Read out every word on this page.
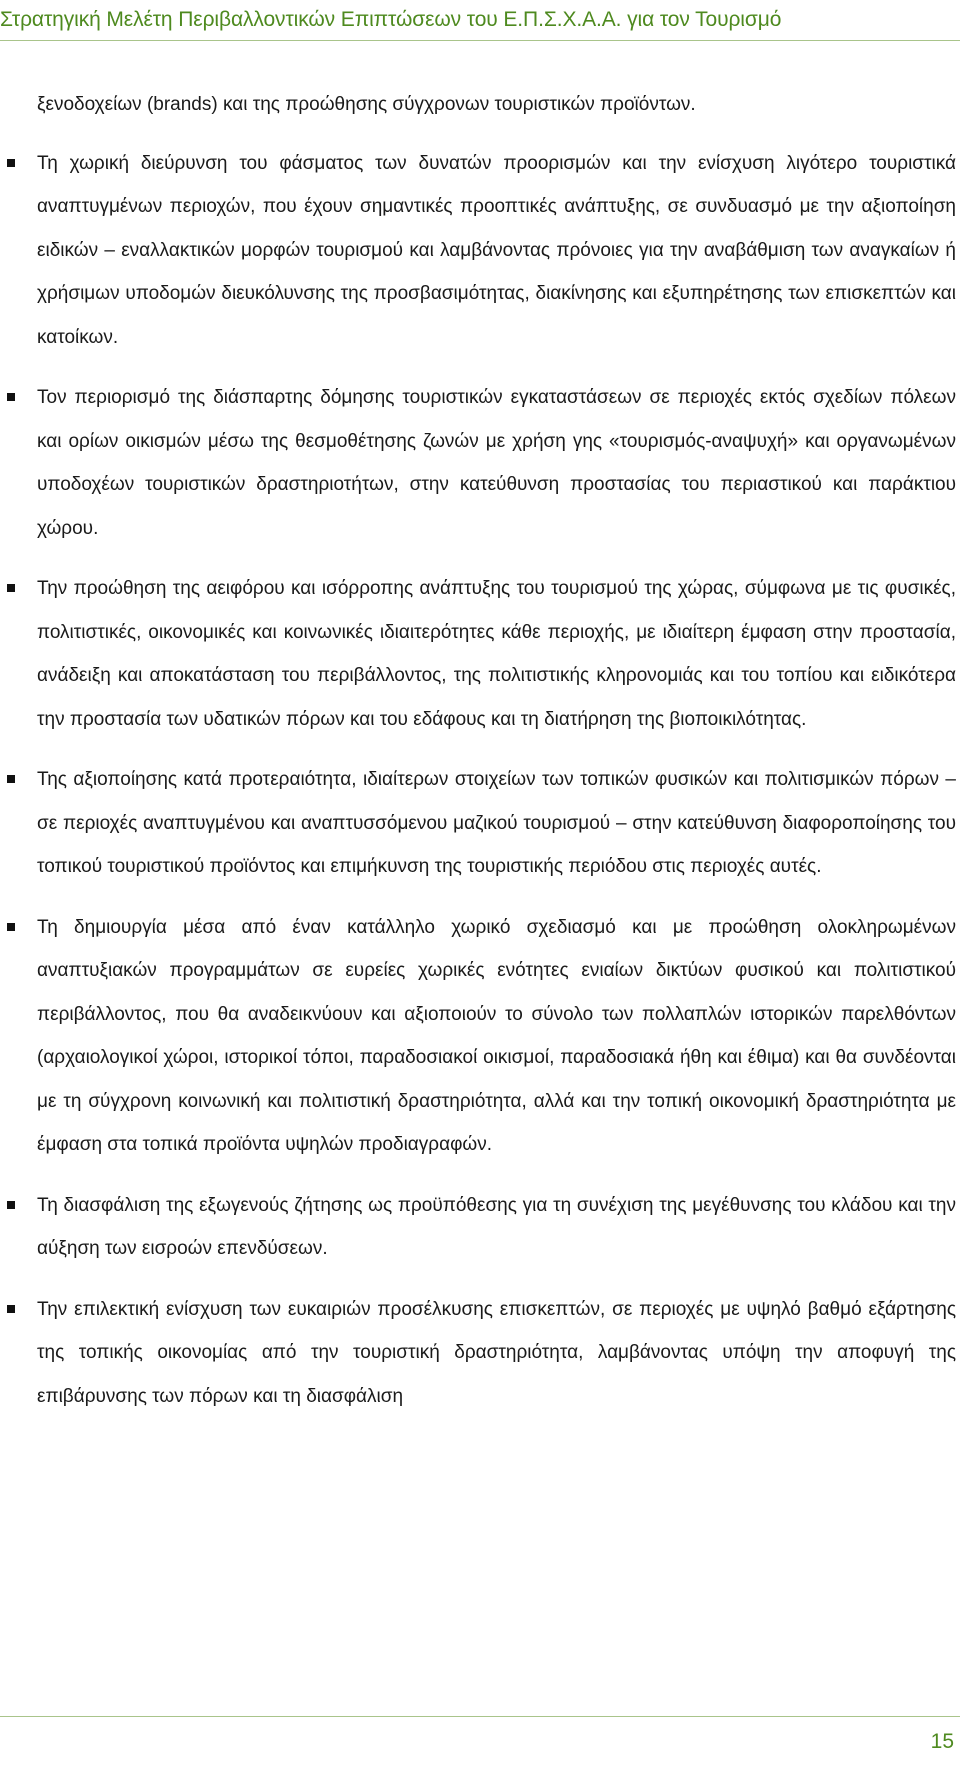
Στρατηγική Μελέτη Περιβαλλοντικών Επιπτώσεων του Ε.Π.Σ.Χ.Α.Α. για τον Τουρισμό

ξενοδοχείων (brands) και της προώθησης σύγχρονων τουριστικών προϊόντων.

Τη χωρική διεύρυνση του φάσματος των δυνατών προορισμών και την ενίσχυση λιγότερο τουριστικά αναπτυγμένων περιοχών, που έχουν σημαντικές προοπτικές ανάπτυξης, σε συνδυασμό με την αξιοποίηση ειδικών – εναλλακτικών μορφών τουρισμού και λαμβάνοντας πρόνοιες για την αναβάθμιση των αναγκαίων ή χρήσιμων υποδομών διευκόλυνσης της προσβασιμότητας, διακίνησης και εξυπηρέτησης των επισκεπτών και κατοίκων.
Τον περιορισμό της διάσπαρτης δόμησης τουριστικών εγκαταστάσεων σε περιοχές εκτός σχεδίων πόλεων και ορίων οικισμών μέσω της θεσμοθέτησης ζωνών με χρήση γης «τουρισμός-αναψυχή» και οργανωμένων υποδοχέων τουριστικών δραστηριοτήτων, στην κατεύθυνση προστασίας του περιαστικού και παράκτιου χώρου.
Την προώθηση της αειφόρου και ισόρροπης ανάπτυξης του τουρισμού της χώρας, σύμφωνα με τις φυσικές, πολιτιστικές, οικονομικές και κοινωνικές ιδιαιτερότητες κάθε περιοχής, με ιδιαίτερη έμφαση στην προστασία, ανάδειξη και αποκατάσταση του περιβάλλοντος, της πολιτιστικής κληρονομιάς και του τοπίου και ειδικότερα την προστασία των υδατικών πόρων και του εδάφους και τη διατήρηση της βιοποικιλότητας.
Της αξιοποίησης κατά προτεραιότητα, ιδιαίτερων στοιχείων των τοπικών φυσικών και πολιτισμικών πόρων – σε περιοχές αναπτυγμένου και αναπτυσσόμενου μαζικού τουρισμού – στην κατεύθυνση διαφοροποίησης του τοπικού τουριστικού προϊόντος και επιμήκυνση της τουριστικής περιόδου στις περιοχές αυτές.
Τη δημιουργία μέσα από έναν κατάλληλο χωρικό σχεδιασμό και με προώθηση ολοκληρωμένων αναπτυξιακών προγραμμάτων σε ευρείες χωρικές ενότητες ενιαίων δικτύων φυσικού και πολιτιστικού περιβάλλοντος, που θα αναδεικνύουν και αξιοποιούν το σύνολο των πολλαπλών ιστορικών παρελθόντων (αρχαιολογικοί χώροι, ιστορικοί τόποι, παραδοσιακοί οικισμοί, παραδοσιακά ήθη και έθιμα) και θα συνδέονται με τη σύγχρονη κοινωνική και πολιτιστική δραστηριότητα, αλλά και την τοπική οικονομική δραστηριότητα με έμφαση στα τοπικά προϊόντα υψηλών προδιαγραφών.
Τη διασφάλιση της εξωγενούς ζήτησης ως προϋπόθεσης για τη συνέχιση της μεγέθυνσης του κλάδου και την αύξηση των εισροών επενδύσεων.
Την επιλεκτική ενίσχυση των ευκαιριών προσέλκυσης επισκεπτών, σε περιοχές με υψηλό βαθμό εξάρτησης της τοπικής οικονομίας από την τουριστική δραστηριότητα, λαμβάνοντας υπόψη την αποφυγή της επιβάρυνσης των πόρων και τη διασφάλιση
15
